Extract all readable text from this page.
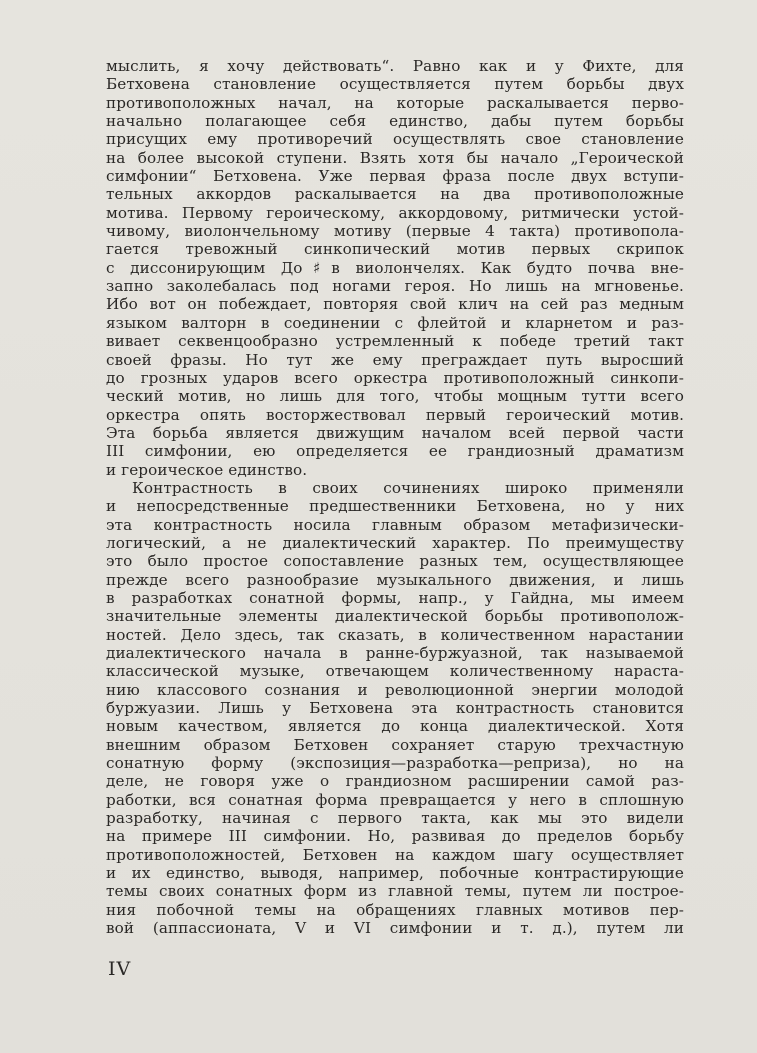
мыслить, я хочу действовать“. Равно как и у Фихте, для
Бетховена становление осуществляется путем борьбы двух
противоположных начал, на которые раскалывается перво-
начально полагающее себя единство, дабы путем борьбы
присущих ему противоречий осуществлять свое становление
на более высокой ступени. Взять хотя бы начало „Героической
симфонии“ Бетховена. Уже первая фраза после двух вступи-
тельных аккордов раскалывается на два противоположные
мотива. Первому героическому, аккордовому, ритмически устой-
чивому, виолончельному мотиву (первые 4 такта) противопола-
гается тревожный синкопический мотив первых скрипок
с диссонирующим До♯в виолончелях. Как будто почва вне-
запно заколебалась под ногами героя. Но лишь на мгновенье.
Ибо вот он побеждает, повторяя свой клич на сей раз медным
языком валторн в соединении с флейтой и кларнетом и раз-
вивает секвенцообразно устремленный к победе третий такт
своей фразы. Но тут же ему преграждает путь выросший
до грозных ударов всего оркестра противоположный синкопи-
ческий мотив, но лишь для того, чтобы мощным тутти всего
оркестра опять восторжествовал первый героический мотив.
Эта борьба является движущим началом всей первой части
III симфонии, ею определяется ее грандиозный драматизм
и героическое единство.
Контрастность в своих сочинениях широко применяли
и непосредственные предшественники Бетховена, но у них
эта контрастность носила главным образом метафизически-
логический, а не диалектический характер. По преимуществу
это было простое сопоставление разных тем, осуществляющее
прежде всего разнообразие музыкального движения, и лишь
в разработках сонатной формы, напр., у Гайдна, мы имеем
значительные элементы диалектической борьбы противополож-
ностей. Дело здесь, так сказать, в количественном нарастании
диалектического начала в ранне-буржуазной, так называемой
классической музыке, отвечающем количественному нараста-
нию классового сознания и революционной энергии молодой
буржуазии. Лишь у Бетховена эта контрастность становится
новым качеством, является до конца диалектической. Хотя
внешним образом Бетховен сохраняет старую трехчастную
сонатную форму (экспозиция—разработка—реприза), но на
деле, не говоря уже о грандиозном расширении самой раз-
работки, вся сонатная форма превращается у него в сплошную
разработку, начиная с первого такта, как мы это видели
на примере III симфонии. Но, развивая до пределов борьбу
противоположностей, Бетховен на каждом шагу осуществляет
и их единство, выводя, например, побочные контрастирующие
темы своих сонатных форм из главной темы, путем ли построе-
ния побочной темы на обращениях главных мотивов пер-
вой (аппассионата, V и VI симфонии и т. д.), путем ли
IV
